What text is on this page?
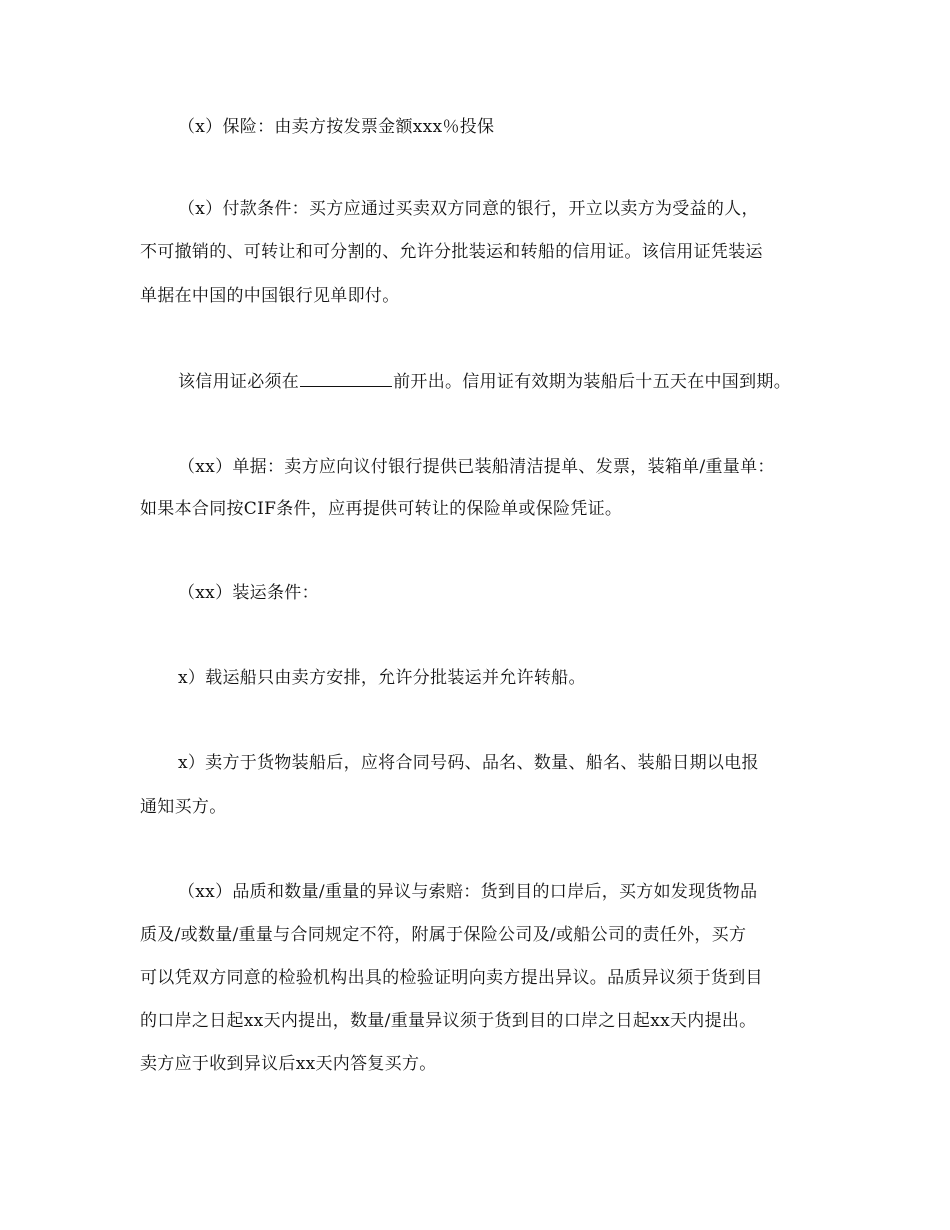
（x）保险：由卖方按发票金额xxx％投保
（x）付款条件：买方应通过买卖双方同意的银行，开立以卖方为受益的人，
不可撤销的、可转让和可分割的、允许分批装运和转船的信用证。该信用证凭装运
单据在中国的中国银行见单即付。
该信用证必须在	前开出。信用证有效期为装船后十五天在中国到期。
（xx）单据：卖方应向议付银行提供已装船清洁提单、发票，装箱单/重量单：
如果本合同按CIF条件，应再提供可转让的保险单或保险凭证。
（xx）装运条件：
x）载运船只由卖方安排，允许分批装运并允许转船。
x）卖方于货物装船后，应将合同号码、品名、数量、船名、装船日期以电报
通知买方。
（xx）品质和数量/重量的异议与索赔：货到目的口岸后，买方如发现货物品
质及/或数量/重量与合同规定不符，附属于保险公司及/或船公司的责任外，买方
可以凭双方同意的检验机构出具的检验证明向卖方提出异议。品质异议须于货到目
的口岸之日起xx天内提出，数量/重量异议须于货到目的口岸之日起xx天内提出。
卖方应于收到异议后xx天内答复买方。
